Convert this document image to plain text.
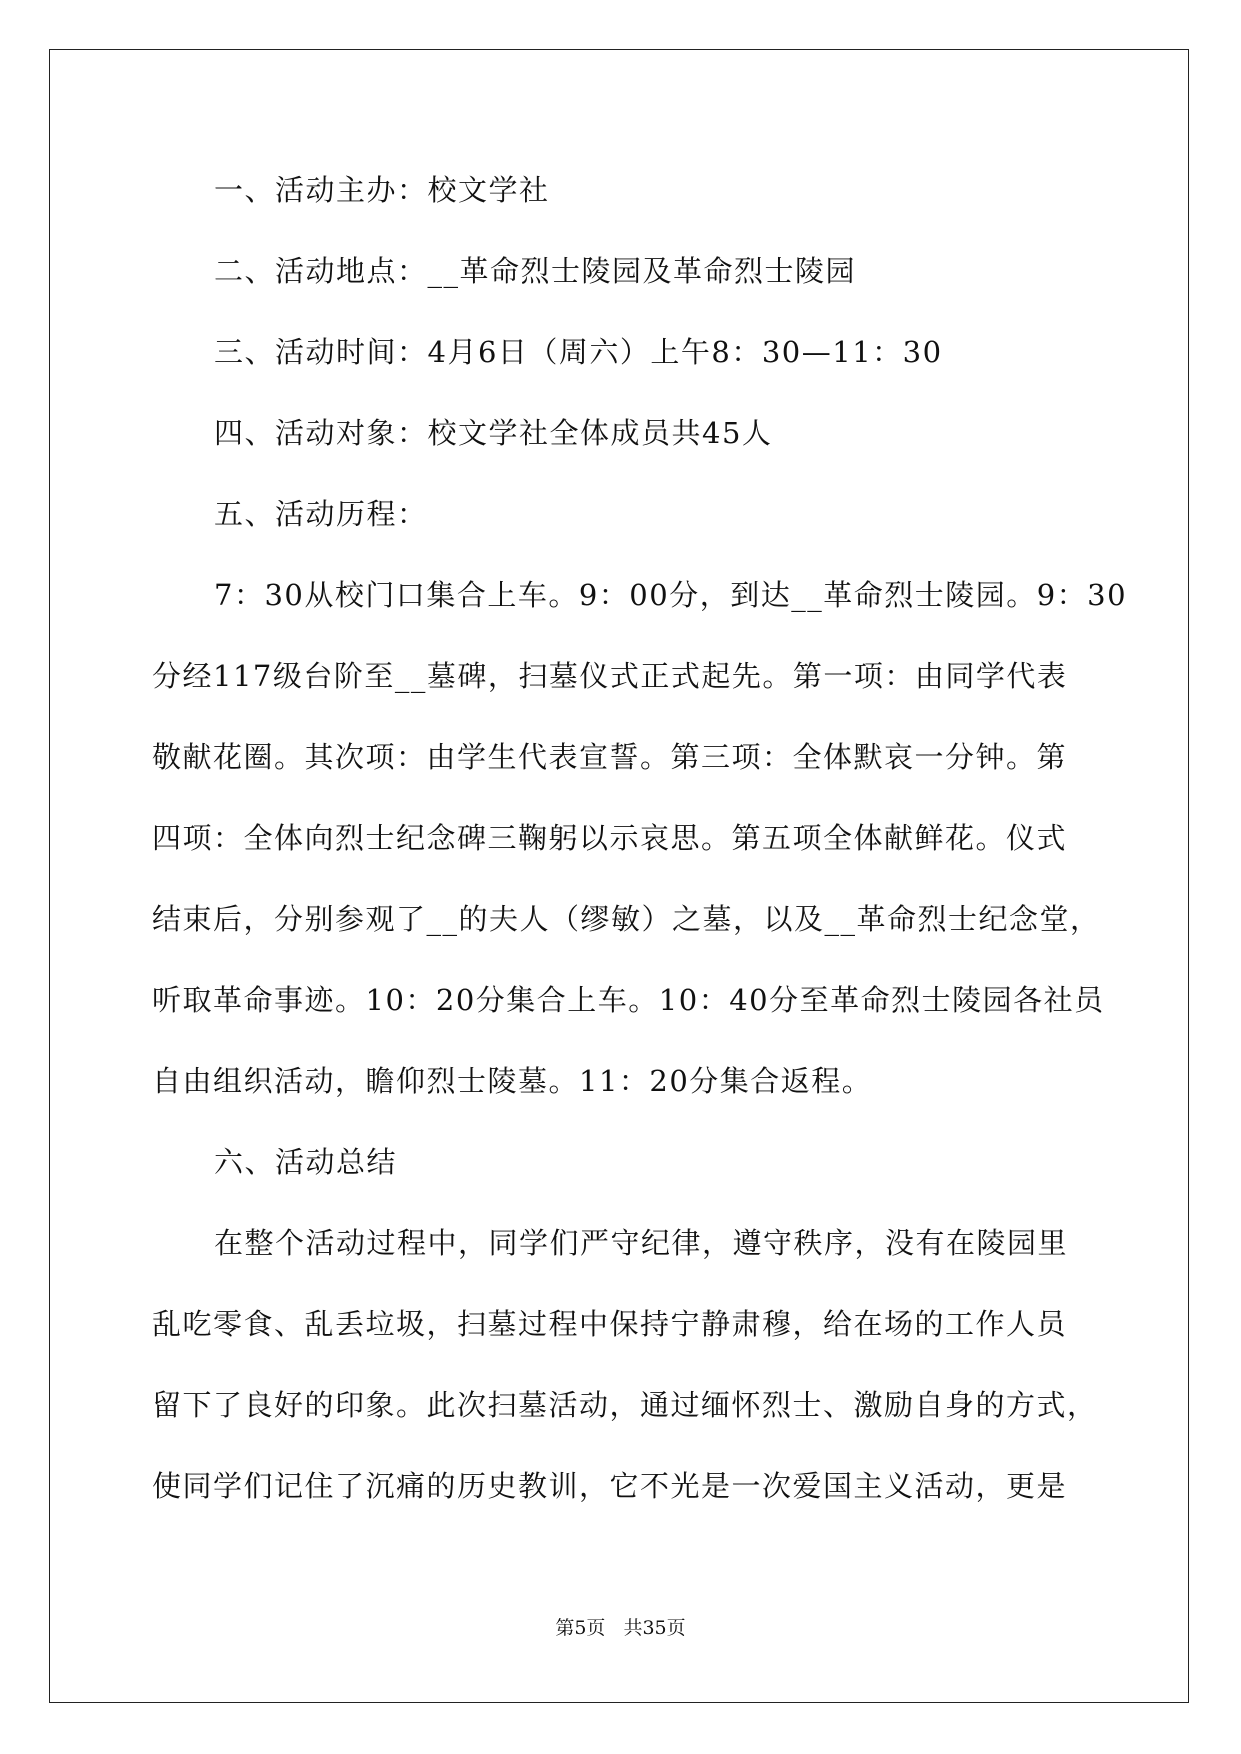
一、活动主办：校文学社
二、活动地点：__革命烈士陵园及革命烈士陵园
三、活动时间：4月6日（周六）上午8：30—11：30
四、活动对象：校文学社全体成员共45人
五、活动历程：
7：30从校门口集合上车。9：00分，到达__革命烈士陵园。9：30
分经117级台阶至__墓碑，扫墓仪式正式起先。第一项：由同学代表
敬献花圈。其次项：由学生代表宣誓。第三项：全体默哀一分钟。第
四项：全体向烈士纪念碑三鞠躬以示哀思。第五项全体献鲜花。仪式
结束后，分别参观了__的夫人（缪敏）之墓，以及__革命烈士纪念堂，
听取革命事迹。10：20分集合上车。10：40分至革命烈士陵园各社员
自由组织活动，瞻仰烈士陵墓。11：20分集合返程。
六、活动总结
在整个活动过程中，同学们严守纪律，遵守秩序，没有在陵园里
乱吃零食、乱丢垃圾，扫墓过程中保持宁静肃穆，给在场的工作人员
留下了良好的印象。此次扫墓活动，通过缅怀烈士、激励自身的方式，
使同学们记住了沉痛的历史教训，它不光是一次爱国主义活动，更是
第5页 共35页
